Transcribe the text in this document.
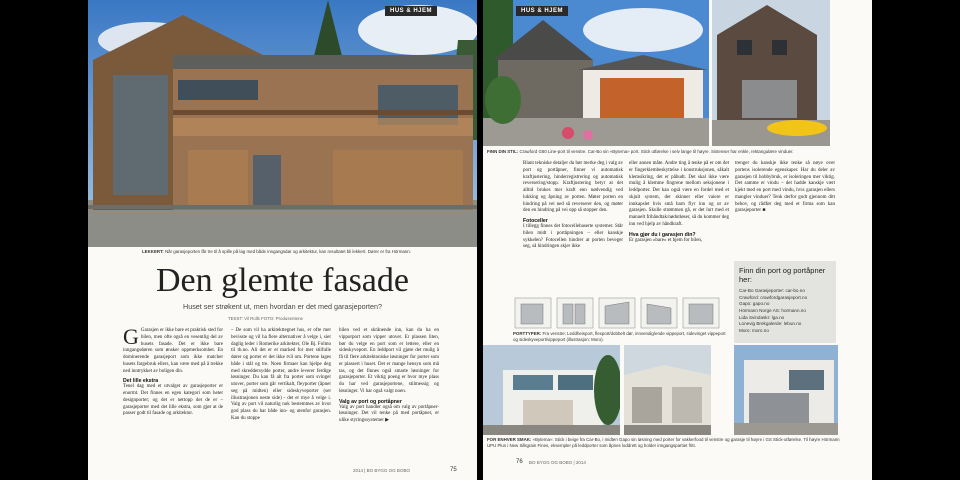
HUS & HJEM
LEKKERT: Når garasjeporten får tre til å spille på lag med både inngangsdør og arkitektur, kan resultatet bli lekkert. Dører er fra Hörmann.
Den glemte fasade
Huset ser strøkent ut, men hvordan er det med garasjeporten?
TEKST: Vil Rolls FOTO: Produsentene
G Garasjen er ikke bare et praktisk sted for bilen, men ofte også en vesentlig del av husets fasade. Det er ikke bare inngangsdøren som ønsker oppmerksomhet. En dominerende garasjeport som ikke matcher husets fargebruk ellers, kan være med på å trekke ned inntrykket av boligen din.
Det lille ekstra
Tenel dag med et utvalget av garasjeporter er enormt. Det finnes en egen kategori som heter designporter; og det er nettopp det de er – garasjeporter med det lille ekstra, som gjør at de passer godt til fasade og arkitektur.
– De som vil ha arkitekttegnet hus, er ofte mer bevisste og vil ha flere alternativer å velge i, sier daglig leder i Romerike arkitekter, Ole Bj. Folmo til tb.no. Ali det er et marked for mer stilfulle dører og porter er det ikke tvil om. Portene lages både i stål og tre. Noen firmaer kan hjelpe deg med skreddersydde porter, andre leverer ferdige løsninger. Du kan få alt fra porter som svinger utover, porter som går vertikalt, fleyporter (åpner seg på midten) eller sideskyveporter (ser illustrasjonen neste side) - det er mye å velge i. Valg av port vil naturlig nok bestemmes av hvor god plass du har både inn- og utenfor garasjen. Kan du stoppe
bilen ved et skrånende inn, kan du ha en vipporport som vipper utover. Er plassen liten, bør du velge en port som er lettere, eller en sideskyveport. En leddport vil gjøre det mulig å få til flere arkitektoniske løsninger for porter som er plassert i huset. Det er mange hensyn som må tas, og det finnes også smarte løsninger for garasjeporter. Et viktig poeng er hvor mye plass du har ved garasjeportene, stilmessig og løsninger. Vi har også valgt noen.
Valg av port og portåpner
Valg av port handler også om valg av portåpner-løsninger. Det vil tenke på med portåpner, er ulike styringssystemer ▶
2014 | BO BYGG OG BOBO	75
HUS & HJEM
FINN DIN STIL: Crawford G60 Line-port til venstre. Car-Bo sin «Bytema» port. Stick utførelse i selv lange til høyre. Sistenser har enkle, rektangulære vinduer.
Blant tekniske detaljer du bør merke deg i valg av port og portåpner, finner vi automatisk kraftjustering, hinderregistrering og automatisk reversering/stopp. Kraftjustering betyr at det alltid brukes mer kraft enn nødvendig ved lukking og åpning av porten. Møter porten en hindring på vei ned så reverserer den, og møter den en hindring på vei opp så stopper den.
Fotoceller
I tillegg finnes det fotocellebaserte systemer. Står bilen midt i portåpningen – eller kanskje sykkelen? Fotocellen hindrer at porten beveger seg, så hindringen skjer ikke
eller annen måte. Andre ting å tenke på er om det er fingerklembeskyttelse i konstruksjonen, såkalt klemsikring, det er påbudt. Det skal ikke være mulig å klemme fingrene mellom seksjonene i leddporter. Det kan også være en fordel med et skjult system, der skinner eller vaiere er innkapslet hvis små barn flyr inn og ut av garasjen. Skulle strømmen gå, er det lurt med et manuelt frihåndtak/nødutløser, så du kommer deg inn ved hjelp av håndkraft.
Hva gjør du i garasjen din?
Er garasjen «bare» et hjem for bilen,
trenger du kanskje ikke tenke så nøye over portens isolerende egenskaper. Har du deler av garasjen til hobbybruk, er isoleringen mer viktig. Det samme er vindu – det hadde kanskje vært kjekt med en port med vindu, hvis garasjen ellers mangler vinduer? Tenk derfor godt gjennom ditt behov, og rådfør deg med et firma som kan garasjeporter ■
Finn din port og portåpner her:
Car-Bo Garasjeporter: car-bo.no
Crawford: crawfordgarasjeport.no
Gapo: gapo.no
Hörmann Norge AS: hormann.no
Lida Svindaskr: lga.no
Lonevig Brekgalerde: lebun.no
Moro: moro.no
PORTTYPER: Fra venstre: Leddheisport, flexport/dobbelt dør, innvendig/ende vippeport, sidevinget vippeport og sideskyveport/vippeport (illustrasjon: Moro).
FOR ENHVER SMAK: «Bytema»: Stick i beige fra Car-Bo, i midten Gapo sin løsning med porter for vakkerfood til venstre og garasje til høyre i GS Stick-utførelse. Til høyre Hörmann UPU Plus i New Silkgrain Fines, eksempler på leddporter som åpnes loddrett og holder inngangspartiet fritt.
76 BO BYGG OG BOBO | 2014
